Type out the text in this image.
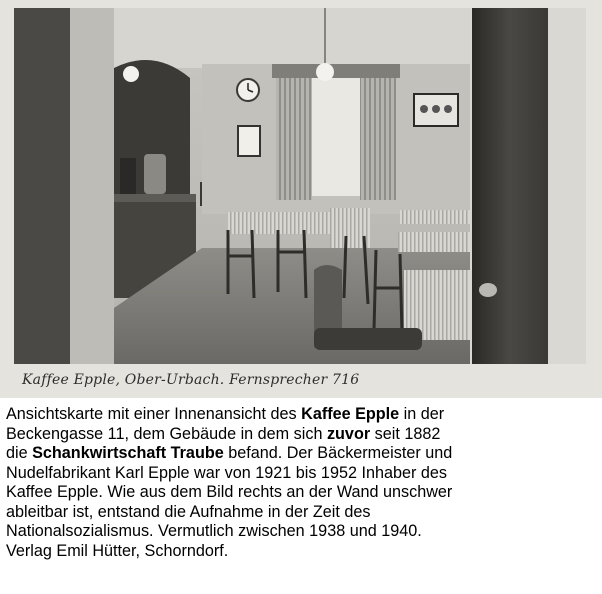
Kaffee Epple, Ober-Urbach. Fernsprecher 716

Ansichtskarte mit einer Innenansicht des Kaffee Epple in der
Beckengasse 11, dem Gebäude in dem sich zuvor seit 1882
die Schankwirtschaft Traube befand. Der Bäckermeister und
Nudelfabrikant Karl Epple war von 1921 bis 1952 Inhaber des
Kaffee Epple. Wie aus dem Bild rechts an der Wand unschwer
ableitbar ist, entstand die Aufnahme in der Zeit des
Nationalsozialismus. Vermutlich zwischen 1938 und 1940.
Verlag Emil Hütter, Schorndorf.
